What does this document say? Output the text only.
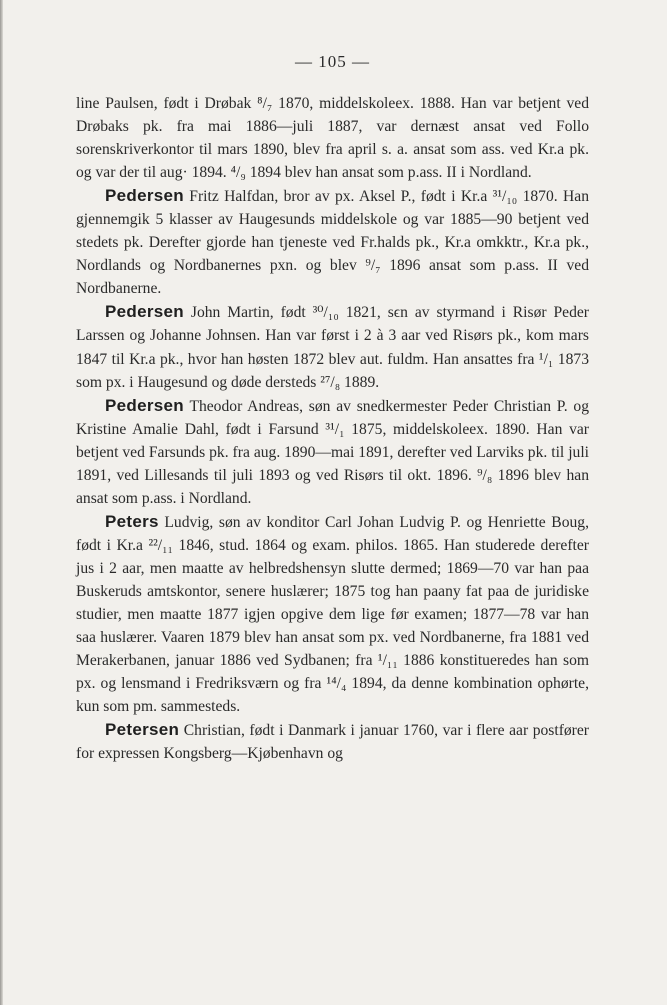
— 105 —

line Paulsen, født i Drøbak ⁸/₇ 1870, middelskoleex. 1888. Han var betjent ved Drøbaks pk. fra mai 1886—juli 1887, var dernæst ansat ved Follo sorenskriverkontor til mars 1890, blev fra april s. a. ansat som ass. ved Kr.a pk. og var der til aug· 1894. ⁴/₉ 1894 blev han ansat som p.ass. II i Nordland.

Pedersen Fritz Halfdan, bror av px. Aksel P., født i Kr.a ³¹/₁₀ 1870. Han gjennemgik 5 klasser av Haugesunds middelskole og var 1885—90 betjent ved stedets pk. Derefter gjorde han tjeneste ved Fr.halds pk., Kr.a omkktr., Kr.a pk., Nordlands og Nordbanernes pxn. og blev ⁹/₇ 1896 ansat som p.ass. II ved Nordbanerne.

Pedersen John Martin, født ³⁰/₁₀ 1821, sϵn av styrmand i Risør Peder Larssen og Johanne Johnsen. Han var først i 2 à 3 aar ved Risørs pk., kom mars 1847 til Kr.a pk., hvor han høsten 1872 blev aut. fuldm. Han ansattes fra ¹/₁ 1873 som px. i Haugesund og døde dersteds ²⁷/₈ 1889.

Pedersen Theodor Andreas, søn av snedkermester Peder Christian P. og Kristine Amalie Dahl, født i Farsund ³¹/₁ 1875, middelskoleex. 1890. Han var betjent ved Farsunds pk. fra aug. 1890—mai 1891, derefter ved Larviks pk. til juli 1891, ved Lillesands til juli 1893 og ved Risørs til okt. 1896. ⁹/₈ 1896 blev han ansat som p.ass. i Nordland.

Peters Ludvig, søn av konditor Carl Johan Ludvig P. og Henriette Boug, født i Kr.a ²²/₁₁ 1846, stud. 1864 og exam. philos. 1865. Han studerede derefter jus i 2 aar, men maatte av helbredshensyn slutte dermed; 1869—70 var han paa Buskeruds amtskontor, senere huslærer; 1875 tog han paany fat paa de juridiske studier, men maatte 1877 igjen opgive dem lige før examen; 1877—78 var han saa huslærer. Vaaren 1879 blev han ansat som px. ved Nordbanerne, fra 1881 ved Merakerbanen, januar 1886 ved Sydbanen; fra ¹/₁₁ 1886 konstitueredes han som px. og lensmand i Fredriksværn og fra ¹⁴/₄ 1894, da denne kombination ophørte, kun som pm. sammesteds.

Petersen Christian, født i Danmark i januar 1760, var i flere aar postfører for expressen Kongsberg—Kjøbenhavn og
